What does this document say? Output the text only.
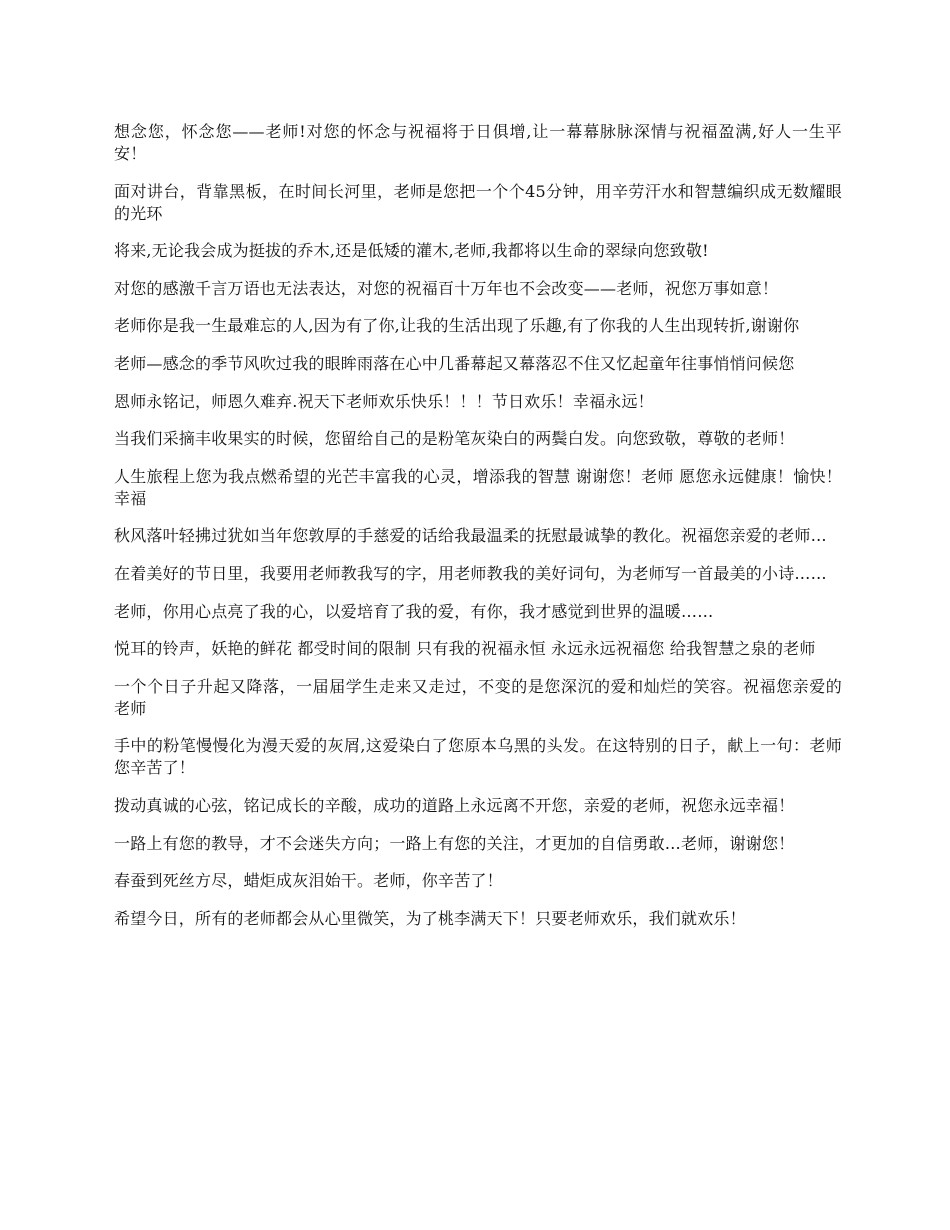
想念您，怀念您——老师!对您的怀念与祝福将于日俱增,让一幕幕脉脉深情与祝福盈满,好人一生平安！

面对讲台，背靠黑板，在时间长河里，老师是您把一个个45分钟，用辛劳汗水和智慧编织成无数耀眼的光环

将来,无论我会成为挺拔的乔木,还是低矮的灌木,老师,我都将以生命的翠绿向您致敬!

对您的感激千言万语也无法表达，对您的祝福百十万年也不会改变——老师，祝您万事如意！

老师你是我一生最难忘的人,因为有了你,让我的生活出现了乐趣,有了你我的人生出现转折,谢谢你

老师—感念的季节风吹过我的眼眸雨落在心中几番幕起又幕落忍不住又忆起童年往事悄悄问候您

恩师永铭记，师恩久难弃.祝天下老师欢乐快乐！！！节日欢乐！幸福永远！

当我们采摘丰收果实的时候，您留给自己的是粉笔灰染白的两鬓白发。向您致敬，尊敬的老师！

人生旅程上您为我点燃希望的光芒丰富我的心灵，增添我的智慧 谢谢您！老师 愿您永远健康！愉快！幸福

秋风落叶轻拂过犹如当年您敦厚的手慈爱的话给我最温柔的抚慰最诚挚的教化。祝福您亲爱的老师…

在着美好的节日里，我要用老师教我写的字，用老师教我的美好词句，为老师写一首最美的小诗……

老师，你用心点亮了我的心，以爱培育了我的爱，有你，我才感觉到世界的温暖……

悦耳的铃声，妖艳的鲜花 都受时间的限制 只有我的祝福永恒 永远永远祝福您 给我智慧之泉的老师

一个个日子升起又降落，一届届学生走来又走过，不变的是您深沉的爱和灿烂的笑容。祝福您亲爱的老师

手中的粉笔慢慢化为漫天爱的灰屑,这爱染白了您原本乌黑的头发。在这特别的日子，献上一句：老师您辛苦了！

拨动真诚的心弦，铭记成长的辛酸，成功的道路上永远离不开您，亲爱的老师，祝您永远幸福！

一路上有您的教导，才不会迷失方向；一路上有您的关注，才更加的自信勇敢…老师，谢谢您！

春蚕到死丝方尽，蜡炬成灰泪始干。老师，你辛苦了！

希望今日，所有的老师都会从心里微笑，为了桃李满天下！只要老师欢乐，我们就欢乐！
